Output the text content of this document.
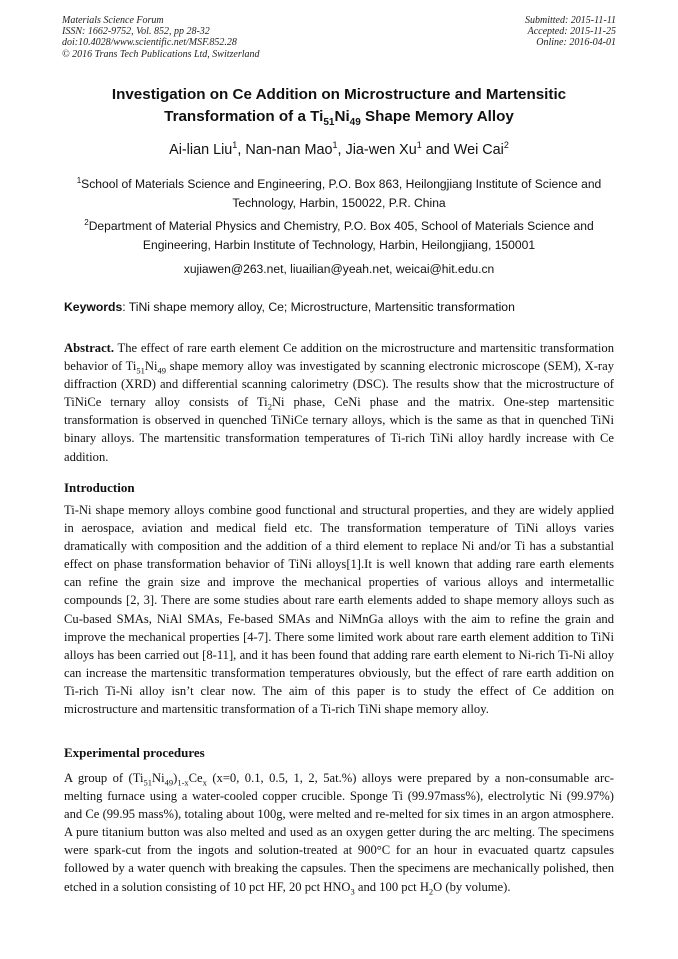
Materials Science Forum
ISSN: 1662-9752, Vol. 852, pp 28-32
doi:10.4028/www.scientific.net/MSF.852.28
© 2016 Trans Tech Publications Ltd, Switzerland
Submitted: 2015-11-11
Accepted: 2015-11-25
Online: 2016-04-01
Investigation on Ce Addition on Microstructure and Martensitic
Transformation of a $Ti_{51}Ni_{49}$ Shape Memory Alloy
Ai-lian Liu$^1$, Nan-nan Mao$^1$, Jia-wen Xu$^1$ and Wei Cai$^2$
$^1$School of Materials Science and Engineering, P.O. Box 863, Heilongjiang Institute of Science and Technology, Harbin, 150022, P.R. China
$^2$Department of Material Physics and Chemistry, P.O. Box 405, School of Materials Science and Engineering, Harbin Institute of Technology, Harbin, Heilongjiang, 150001
xujiawen@263.net, liuailian@yeah.net, weicai@hit.edu.cn
Keywords: TiNi shape memory alloy, Ce; Microstructure, Martensitic transformation
Abstract. The effect of rare earth element Ce addition on the microstructure and martensitic transformation behavior of $Ti_{51}Ni_{49}$ shape memory alloy was investigated by scanning electronic microscope (SEM), X-ray diffraction (XRD) and differential scanning calorimetry (DSC). The results show that the microstructure of TiNiCe ternary alloy consists of $Ti_2Ni$ phase, CeNi phase and the matrix. One-step martensitic transformation is observed in quenched TiNiCe ternary alloys, which is the same as that in quenched TiNi binary alloys. The martensitic transformation temperatures of Ti-rich TiNi alloy hardly increase with Ce addition.
Introduction
Ti-Ni shape memory alloys combine good functional and structural properties, and they are widely applied in aerospace, aviation and medical field etc. The transformation temperature of TiNi alloys varies dramatically with composition and the addition of a third element to replace Ni and/or Ti has a substantial effect on phase transformation behavior of TiNi alloys[1].It is well known that adding rare earth elements can refine the grain size and improve the mechanical properties of various alloys and intermetallic compounds [2, 3]. There are some studies about rare earth elements added to shape memory alloys such as Cu-based SMAs, NiAl SMAs, Fe-based SMAs and NiMnGa alloys with the aim to refine the grain and improve the mechanical properties [4-7]. There some limited work about rare earth element addition to TiNi alloys has been carried out [8-11], and it has been found that adding rare earth element to Ni-rich Ti-Ni alloy can increase the martensitic transformation temperatures obviously, but the effect of rare earth addition on Ti-rich Ti-Ni alloy isn’t clear now. The aim of this paper is to study the effect of Ce addition on microstructure and martensitic transformation of a Ti-rich TiNi shape memory alloy.
Experimental procedures
A group of $(Ti_{51}Ni_{49})_{1-x}Ce_x$ (x=0, 0.1, 0.5, 1, 2, 5at.%) alloys were prepared by a non-consumable arc-melting furnace using a water-cooled copper crucible. Sponge Ti (99.97mass%), electrolytic Ni (99.97%) and Ce (99.95 mass%), totaling about 100g, were melted and re-melted for six times in an argon atmosphere. A pure titanium button was also melted and used as an oxygen getter during the arc melting. The specimens were spark-cut from the ingots and solution-treated at 900°C for an hour in evacuated quartz capsules followed by a water quench with breaking the capsules. Then the specimens are mechanically polished, then etched in a solution consisting of 10 pct HF, 20 pct $HNO_3$ and 100 pct $H_2O$ (by volume).
